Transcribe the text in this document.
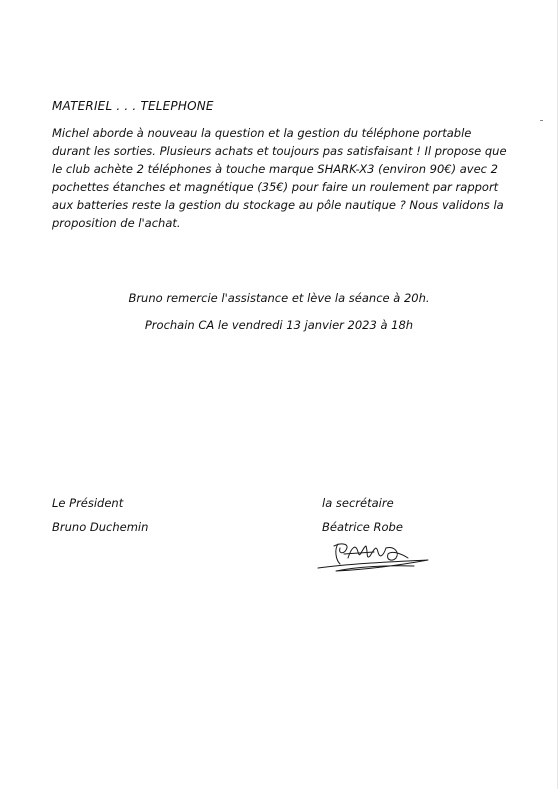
MATERIEL . . . TELEPHONE
Michel aborde à nouveau la question et la gestion du téléphone portable durant les sorties. Plusieurs achats et toujours pas satisfaisant ! Il propose que le club achète 2 téléphones à touche marque SHARK-X3 (environ 90€) avec 2 pochettes étanches et magnétique (35€) pour faire un roulement par rapport aux batteries reste la gestion du stockage au pôle nautique ? Nous validons la proposition de l'achat.
Bruno remercie l'assistance et lève la séance à 20h.
Prochain CA le vendredi 13 janvier 2023 à 18h
Le Président
Bruno Duchemin
la secrétaire
Béatrice Robe
